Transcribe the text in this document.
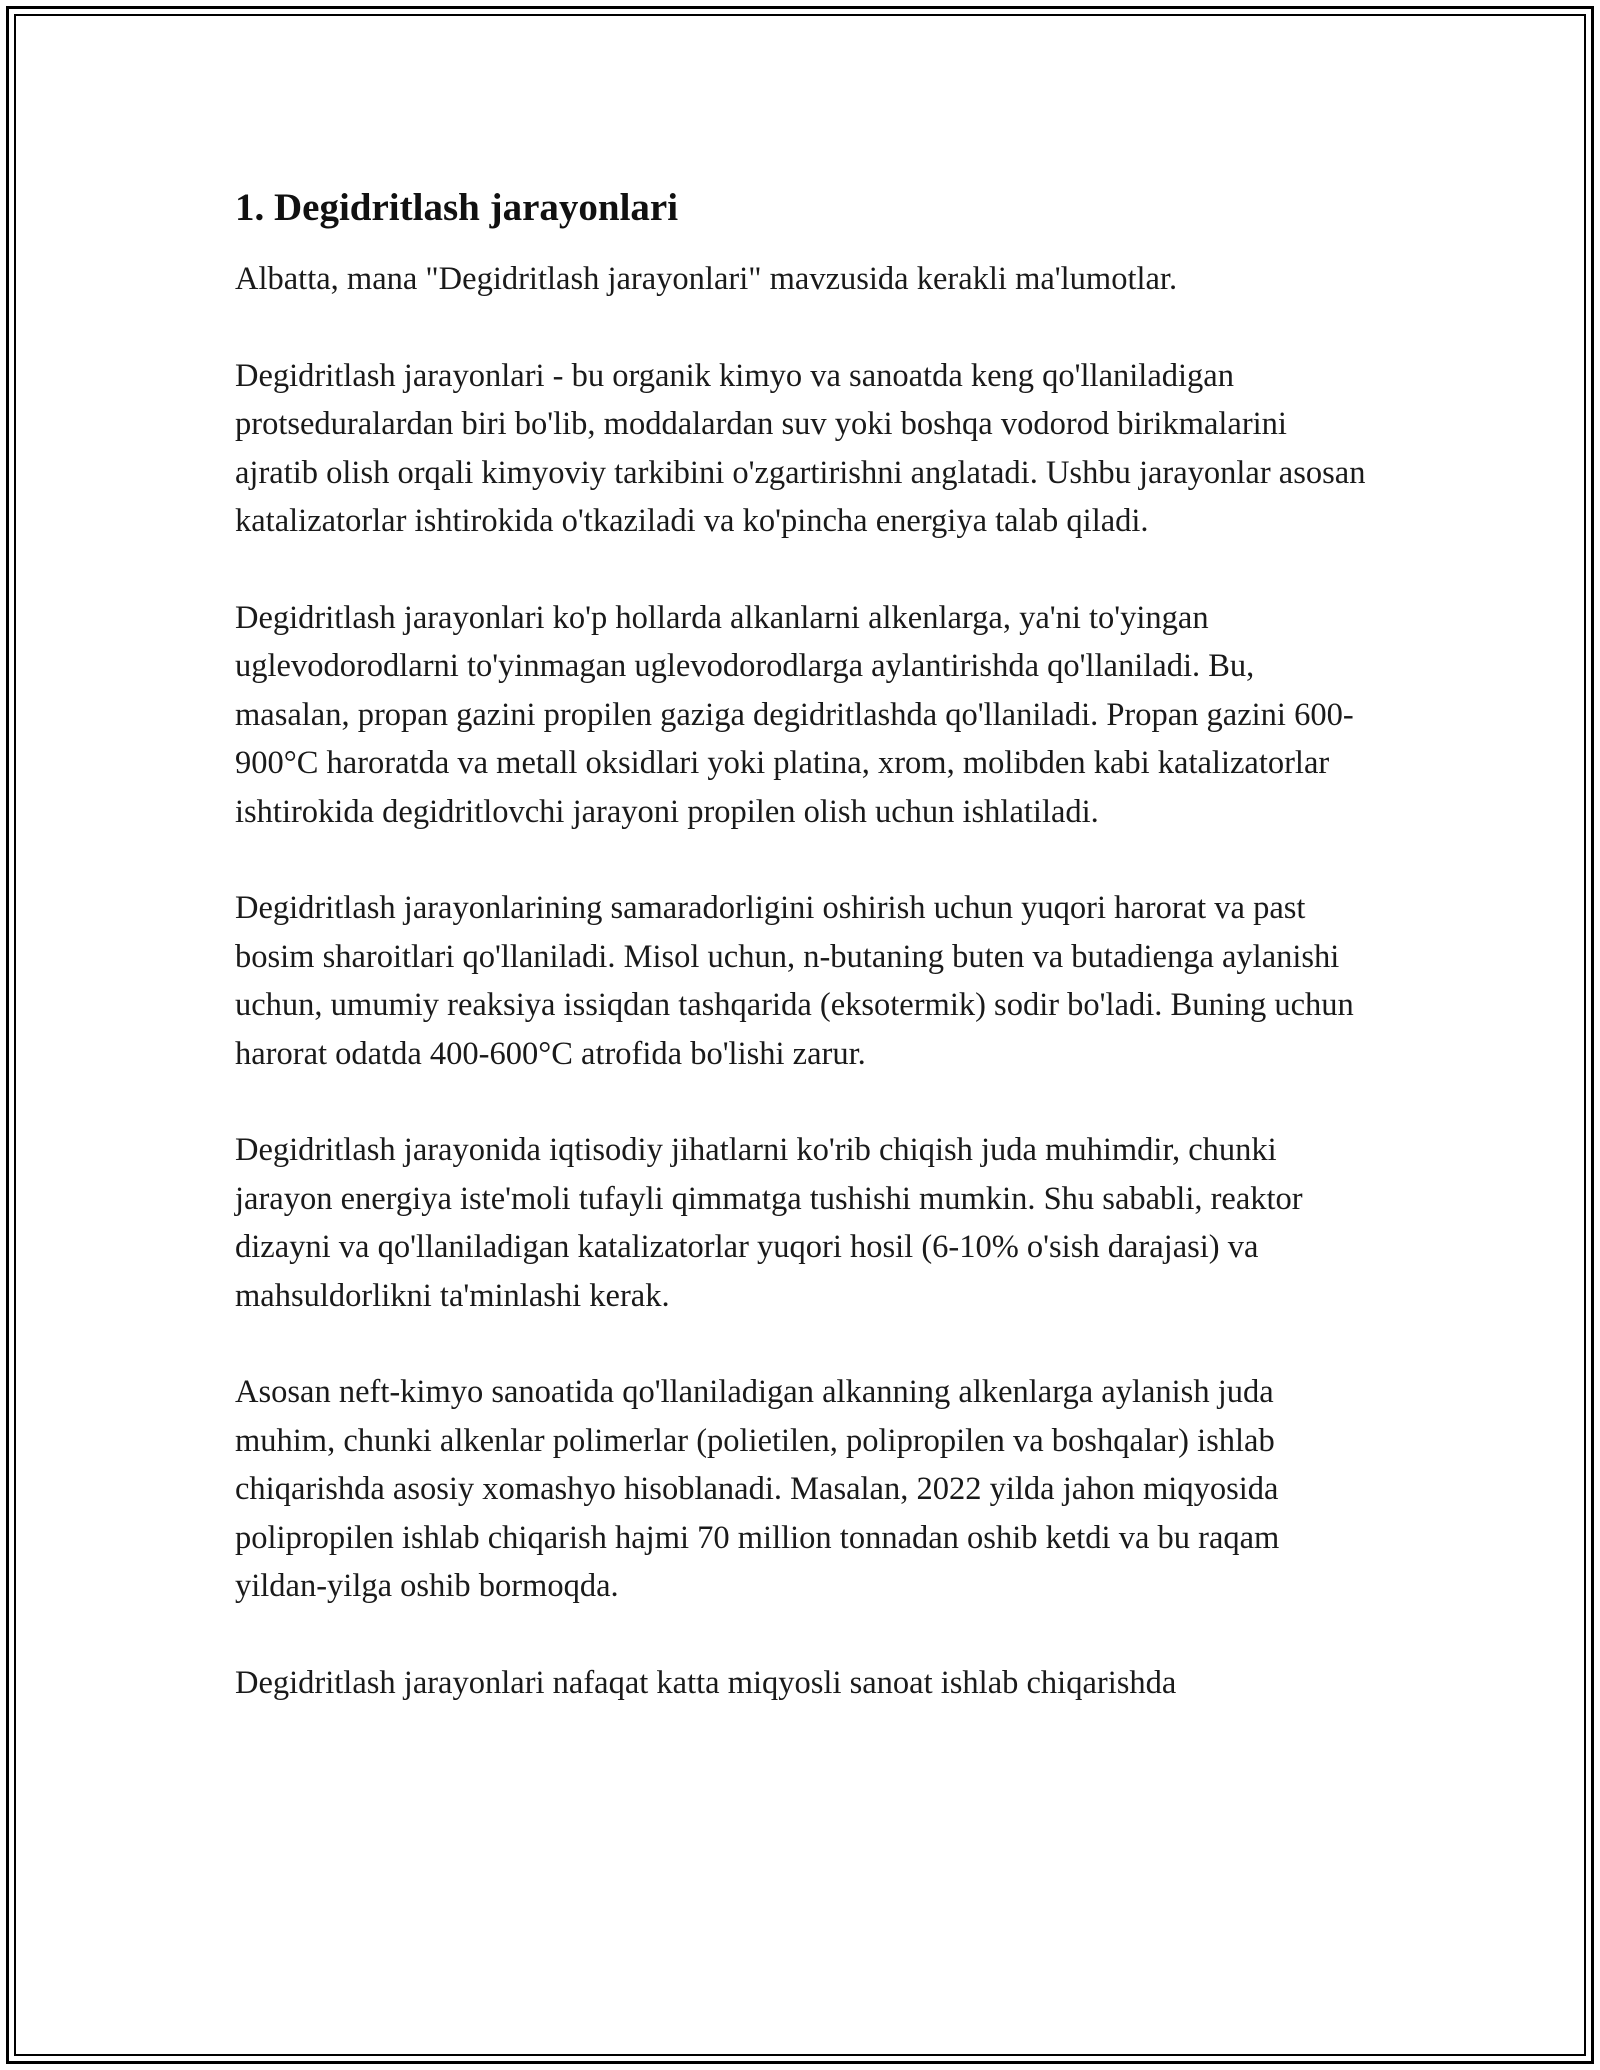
1. Degidritlash jarayonlari

Albatta, mana "Degidritlash jarayonlari" mavzusida kerakli ma'lumotlar.

Degidritlash jarayonlari - bu organik kimyo va sanoatda keng qo'llaniladigan protseduralardan biri bo'lib, moddalardan suv yoki boshqa vodorod birikmalarini ajratib olish orqali kimyoviy tarkibini o'zgartirishni anglatadi. Ushbu jarayonlar asosan katalizatorlar ishtirokida o'tkaziladi va ko'pincha energiya talab qiladi.

Degidritlash jarayonlari ko'p hollarda alkanlarni alkenlarga, ya'ni to'yingan uglevodorodlarni to'yinmagan uglevodorodlarga aylantirishda qo'llaniladi. Bu, masalan, propan gazini propilen gaziga degidritlashda qo'llaniladi. Propan gazini 600-900°C haroratda va metall oksidlari yoki platina, xrom, molibden kabi katalizatorlar ishtirokida degidritlovchi jarayoni propilen olish uchun ishlatiladi.

Degidritlash jarayonlarining samaradorligini oshirish uchun yuqori harorat va past bosim sharoitlari qo'llaniladi. Misol uchun, n-butaning buten va butadienga aylanishi uchun, umumiy reaksiya issiqdan tashqarida (eksotermik) sodir bo'ladi. Buning uchun harorat odatda 400-600°C atrofida bo'lishi zarur.

Degidritlash jarayonida iqtisodiy jihatlarni ko'rib chiqish juda muhimdir, chunki jarayon energiya iste'moli tufayli qimmatga tushishi mumkin. Shu sababli, reaktor dizayni va qo'llaniladigan katalizatorlar yuqori hosil (6-10% o'sish darajasi) va mahsuldorlikni ta'minlashi kerak.

Asosan neft-kimyo sanoatida qo'llaniladigan alkanning alkenlarga aylanish juda muhim, chunki alkenlar polimerlar (polietilen, polipropilen va boshqalar) ishlab chiqarishda asosiy xomashyo hisoblanadi. Masalan, 2022 yilda jahon miqyosida polipropilen ishlab chiqarish hajmi 70 million tonnadan oshib ketdi va bu raqam yildan-yilga oshib bormoqda.

Degidritlash jarayonlari nafaqat katta miqyosli sanoat ishlab chiqarishda
